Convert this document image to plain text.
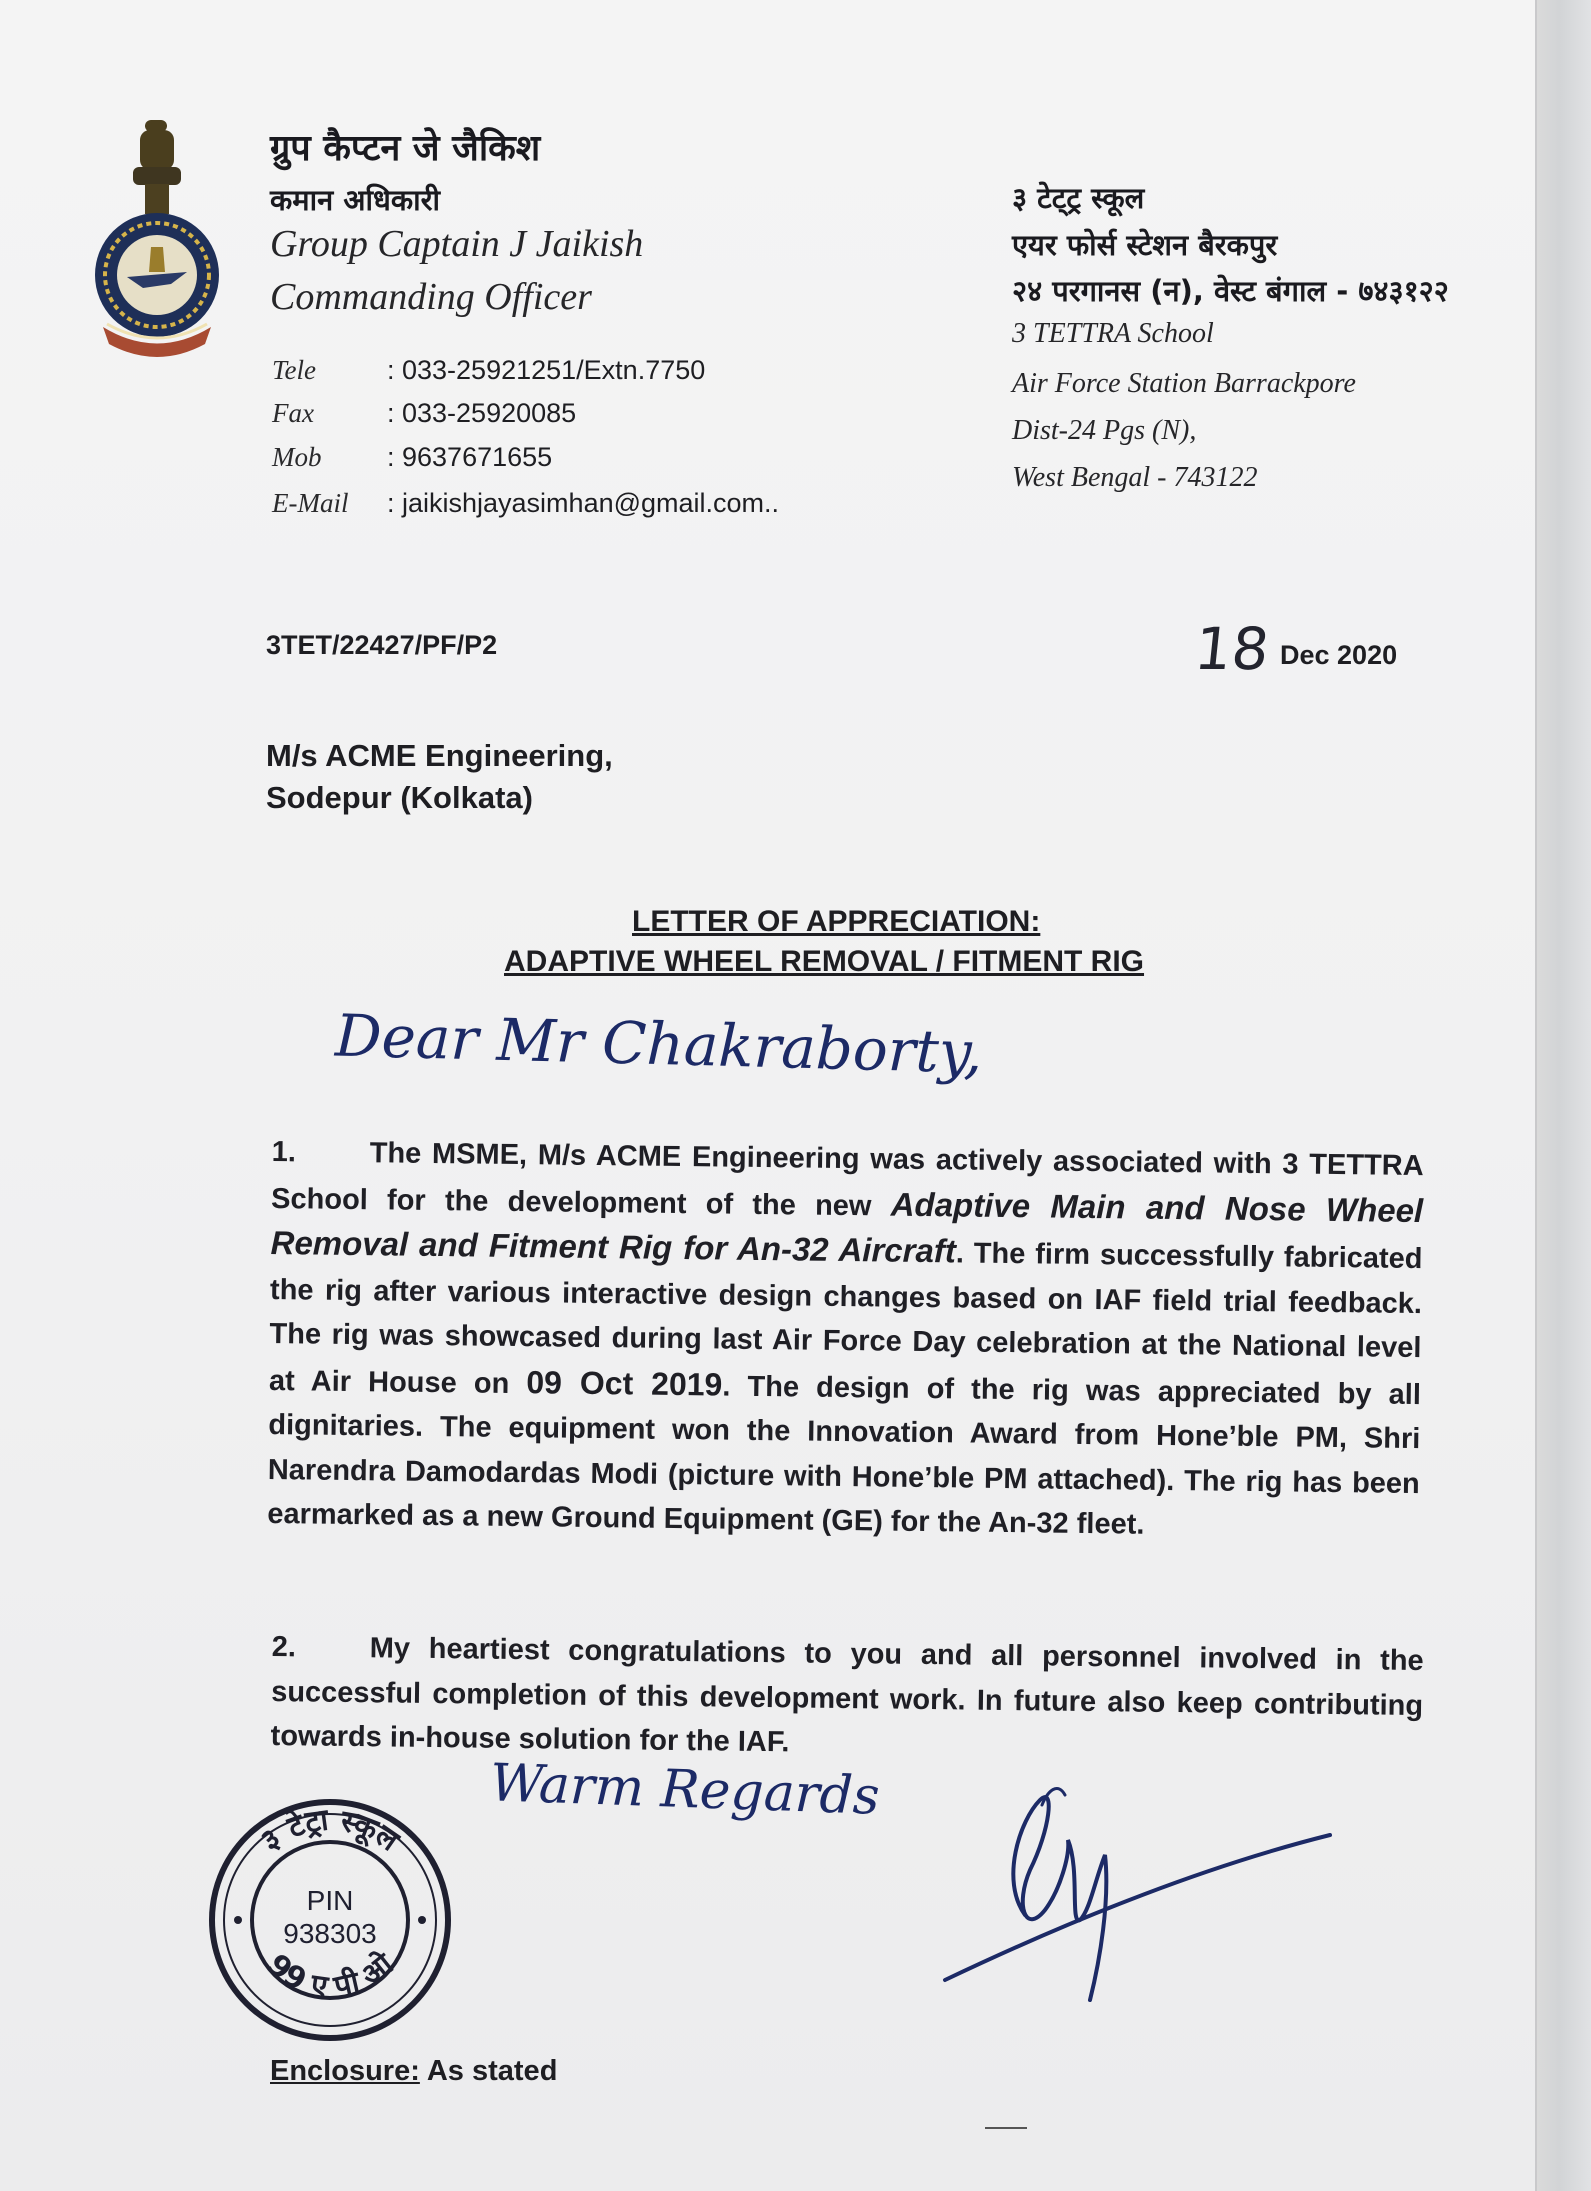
ग्रुप कैप्टन जे जैकिश
कमान अधिकारी
Group Captain J Jaikish
Commanding Officer
Tele	: 033-25921251/Extn.7750
Fax	: 033-25920085
Mob : 9637671655
E-Mail : jaikishjayasimhan@gmail.com..
३ टेट्ट्र स्कूल
एयर फोर्स स्टेशन बैरकपुर
२४ परगानस (न), वेस्ट बंगाल - ७४३१२२
3 TETTRA School
Air Force Station Barrackpore
Dist-24 Pgs (N),
West Bengal - 743122
3TET/22427/PF/P2	18 Dec 2020
M/s ACME Engineering,
Sodepur (Kolkata)
LETTER OF APPRECIATION:
ADAPTIVE WHEEL REMOVAL / FITMENT RIG
Dear Mr Chakraborty,
1.	The MSME, M/s ACME Engineering was actively associated with 3 TETTRA School for the development of the new Adaptive Main and Nose Wheel Removal and Fitment Rig for An-32 Aircraft. The firm successfully fabricated the rig after various interactive design changes based on IAF field trial feedback. The rig was showcased during last Air Force Day celebration at the National level at Air House on 09 Oct 2019. The design of the rig was appreciated by all dignitaries. The equipment won the Innovation Award from Hone’ble PM, Shri Narendra Damodardas Modi (picture with Hone’ble PM attached). The rig has been earmarked as a new Ground Equipment (GE) for the An-32 fleet.
2.	My heartiest congratulations to you and all personnel involved in the successful completion of this development work. In future also keep contributing towards in-house solution for the IAF.
Warm Regards
३ टेट्रा स्कूल
99 ए पी ओ
PIN
938303
Enclosure: As stated
